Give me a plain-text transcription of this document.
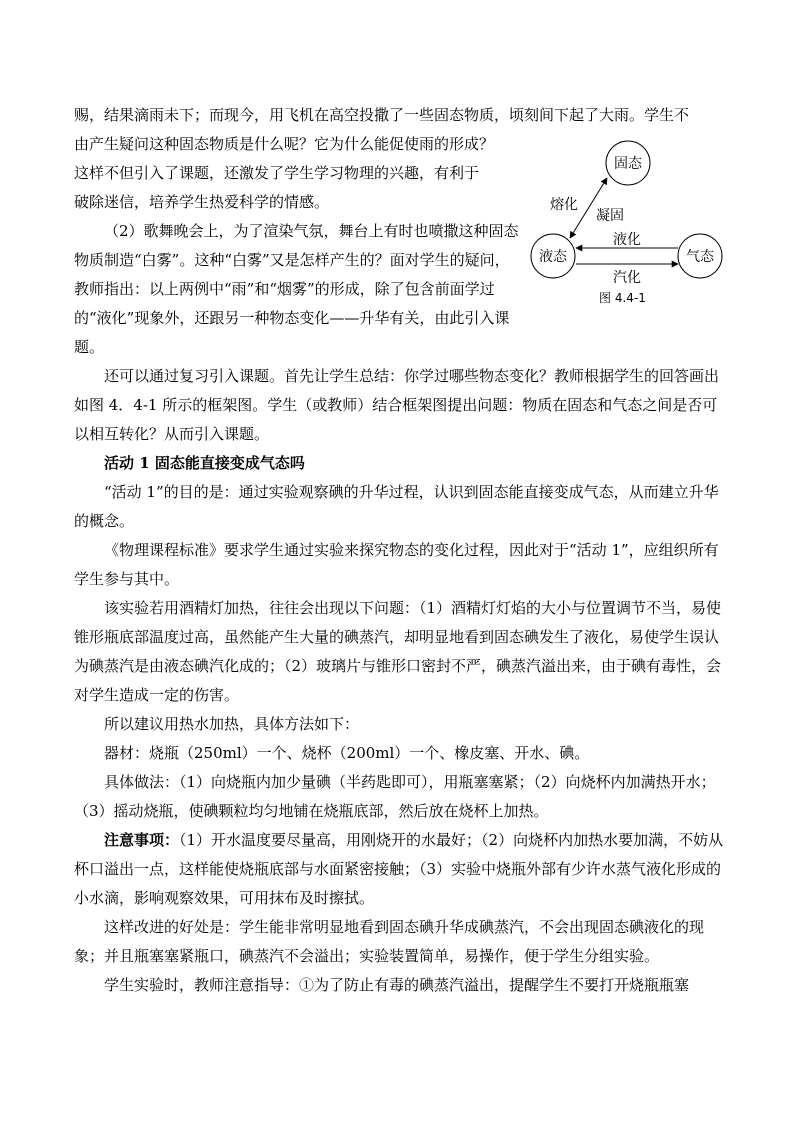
赐，结果滴雨未下；而现今，用飞机在高空投撒了一些固态物质，顷刻间下起了大雨。学生不

由产生疑问这种固态物质是什么呢？它为什么能促使雨的形成？

这样不但引入了课题，还激发了学生学习物理的兴趣，有利于

破除迷信，培养学生热爱科学的情感。

（2）歌舞晚会上，为了渲染气氛，舞台上有时也喷撒这种固态物质制造“白雾”。这种“白雾”又是怎样产生的？面对学生的疑问，教师指出：以上两例中“雨”和“烟雾”的形成，除了包含前面学过的“液化”现象外，还跟另一种物态变化——升华有关，由此引入课题。

还可以通过复习引入课题。首先让学生总结：你学过哪些物态变化？教师根据学生的回答画出如图 4．4-1 所示的框架图。学生（或教师）结合框架图提出问题：物质在固态和气态之间是否可以相互转化？从而引入课题。

活动 1 固态能直接变成气态吗

“活动 1”的目的是：通过实验观察碘的升华过程，认识到固态能直接变成气态，从而建立升华的概念。

《物理课程标准》要求学生通过实验来探究物态的变化过程，因此对于“活动 1”，应组织所有学生参与其中。

该实验若用酒精灯加热，往往会出现以下问题：（1）酒精灯灯焰的大小与位置调节不当，易使锥形瓶底部温度过高，虽然能产生大量的碘蒸汽，却明显地看到固态碘发生了液化，易使学生误认为碘蒸汽是由液态碘汽化成的；（2）玻璃片与锥形口密封不严，碘蒸汽溢出来，由于碘有毒性，会对学生造成一定的伤害。

所以建议用热水加热，具体方法如下：

器材：烧瓶（250ml）一个、烧杯（200ml）一个、橡皮塞、开水、碘。

具体做法：（1）向烧瓶内加少量碘（半药匙即可），用瓶塞塞紧；（2）向烧杯内加满热开水；（3）摇动烧瓶，使碘颗粒均匀地铺在烧瓶底部，然后放在烧杯上加热。

注意事项：（1）开水温度要尽量高，用刚烧开的水最好；（2）向烧杯内加热水要加满，不妨从杯口溢出一点，这样能使烧瓶底部与水面紧密接触；（3）实验中烧瓶外部有少许水蒸气液化形成的小水滴，影响观察效果，可用抹布及时擦拭。

这样改进的好处是：学生能非常明显地看到固态碘升华成碘蒸汽，不会出现固态碘液化的现象；并且瓶塞塞紧瓶口，碘蒸汽不会溢出；实验装置简单，易操作，便于学生分组实验。

学生实验时，教师注意指导：①为了防止有毒的碘蒸汽溢出，提醒学生不要打开烧瓶瓶塞

固态
液态	气态
熔化
凝固
液化
汽化
图 4.4-1
